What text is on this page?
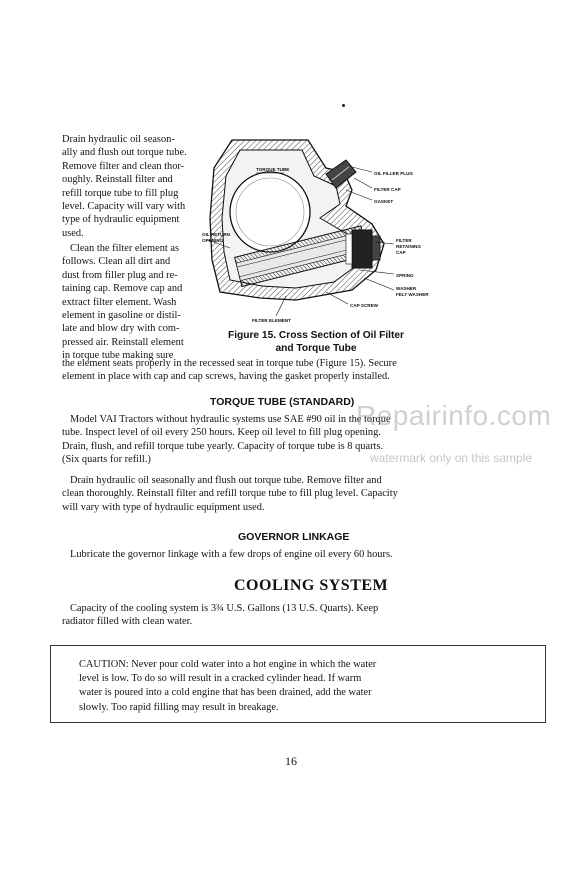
Drain hydraulic oil season-
ally and flush out torque tube.
Remove filter and clean thor-
oughly. Reinstall filter and
refill torque tube to fill plug
level. Capacity will vary with
type of hydraulic equipment
used.
Clean the filter element as
follows. Clean all dirt and
dust from filler plug and re-
taining cap. Remove cap and
extract filter element. Wash
element in gasoline or distil-
late and blow dry with com-
pressed air. Reinstall element
in torque tube making sure
TORQUE TUBE
OIL FILLER PLUG
FILTER CAP
GASKET
OIL RETURN
OPENING	FILTER
RETAINING
CAP
SPRING
WASHER
FELT WASHER
CAP SCREW
FILTER ELEMENT
Figure 15. Cross Section of Oil Filter
and Torque Tube
the element seats properly in the recessed seat in torque tube (Figure 15). Secure
element in place with cap and cap screws, having the gasket properly installed.
TORQUE TUBE (STANDARD)
Model VAI Tractors without hydraulic systems use SAE #90 oil in the torque
tube. Inspect level of oil every 250 hours. Keep oil level to fill plug opening.
Drain, flush, and refill torque tube yearly. Capacity of torque tube is 8 quarts.
(Six quarts for refill.)
Drain hydraulic oil seasonally and flush out torque tube. Remove filter and
clean thoroughly. Reinstall filter and refill torque tube to fill plug level. Capacity
will vary with type of hydraulic equipment used.
GOVERNOR LINKAGE
Lubricate the governor linkage with a few drops of engine oil every 60 hours.
COOLING SYSTEM
Capacity of the cooling system is 3¾ U.S. Gallons (13 U.S. Quarts). Keep
radiator filled with clean water.
CAUTION: Never pour cold water into a hot engine in which the water
level is low. To do so will result in a cracked cylinder head. If warm
water is poured into a cold engine that has been drained, add the water
slowly. Too rapid filling may result in breakage.
16
Repairinfo.com
watermark only on this sample
